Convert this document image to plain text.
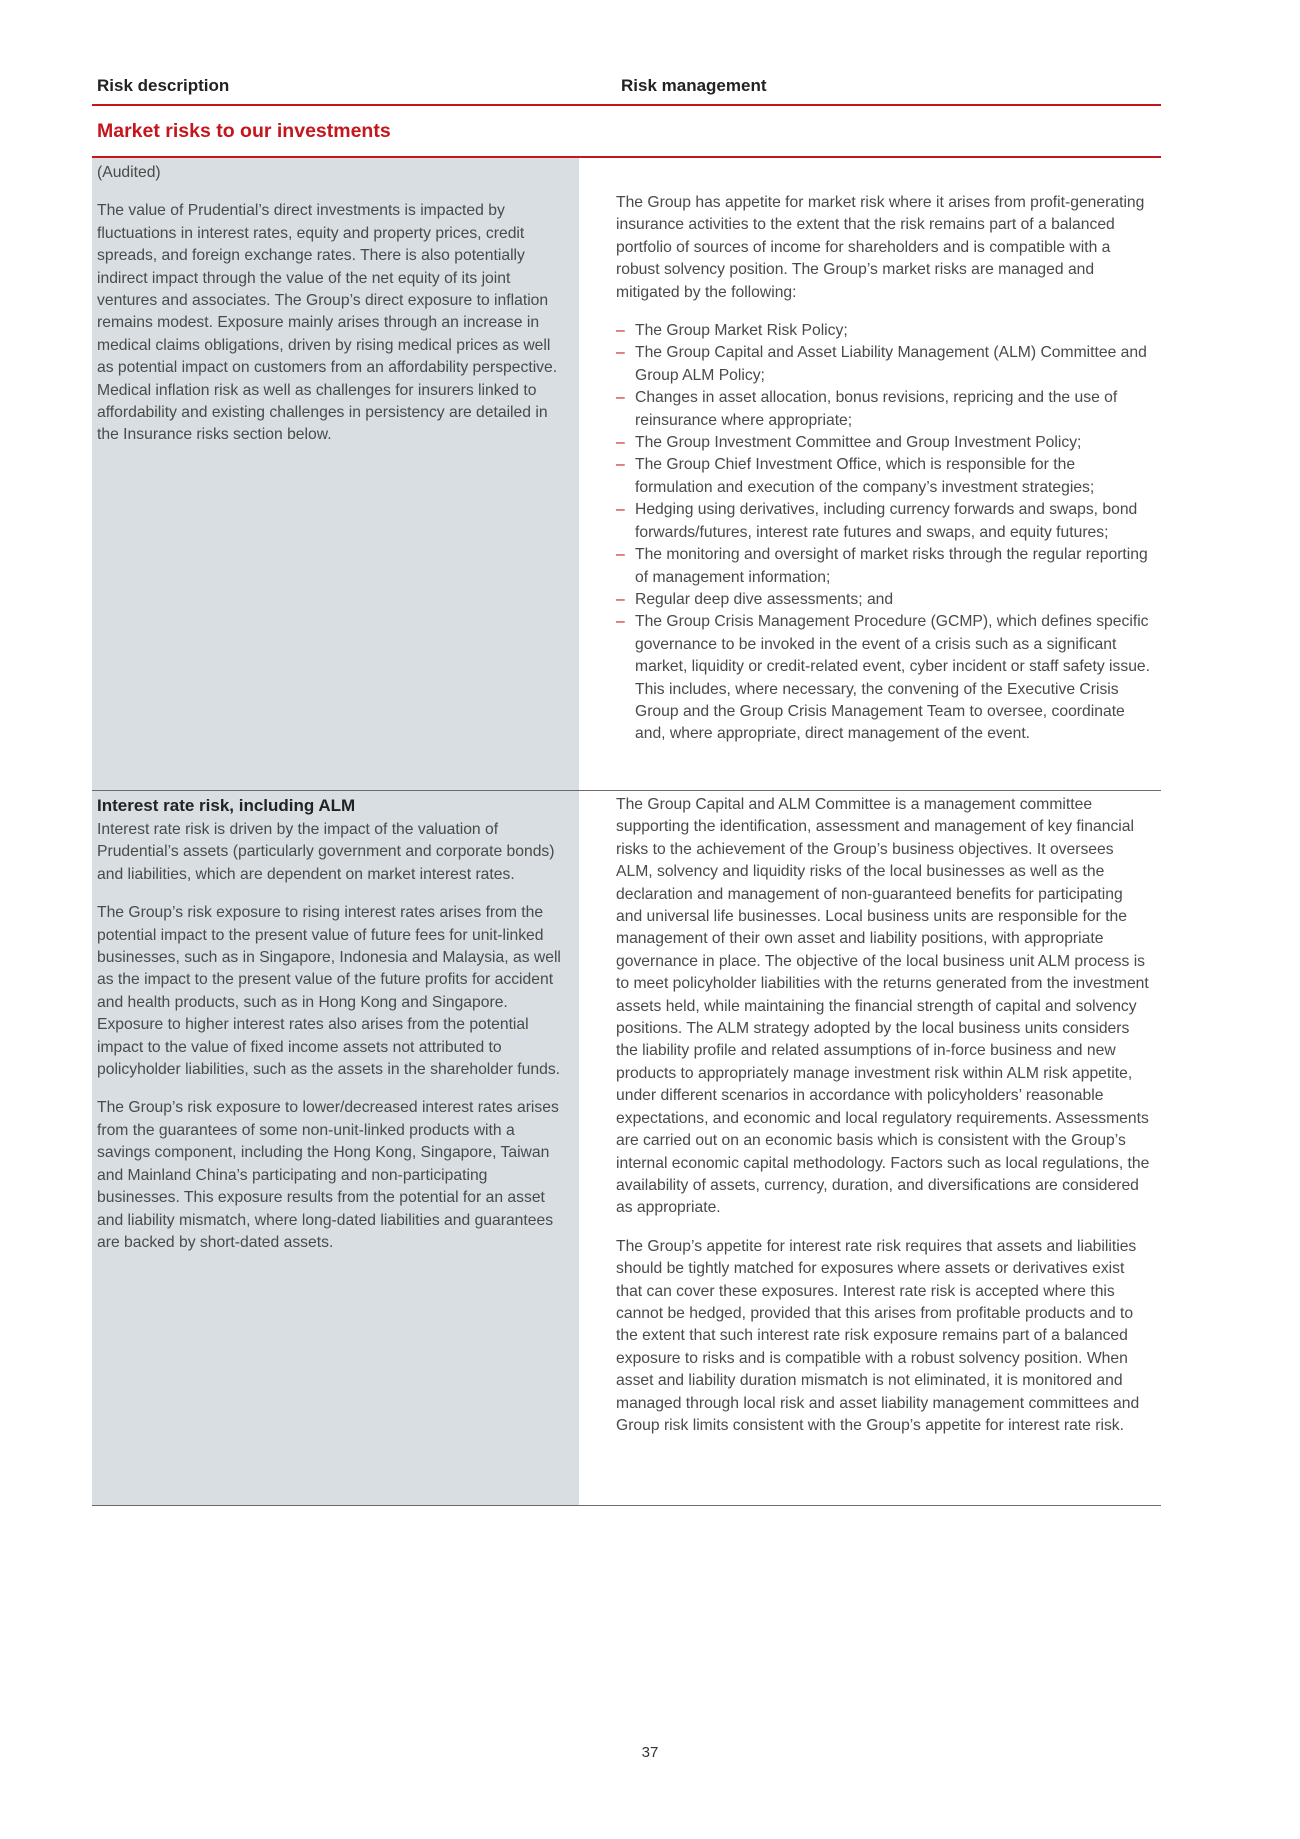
Risk description	Risk management
Market risks to our investments

(Audited)

The value of Prudential’s direct investments is impacted by fluctuations in interest rates, equity and property prices, credit spreads, and foreign exchange rates. There is also potentially indirect impact through the value of the net equity of its joint ventures and associates. The Group’s direct exposure to inflation remains modest. Exposure mainly arises through an increase in medical claims obligations, driven by rising medical prices as well as potential impact on customers from an affordability perspective. Medical inflation risk as well as challenges for insurers linked to affordability and existing challenges in persistency are detailed in the Insurance risks section below.

The Group has appetite for market risk where it arises from profit-generating insurance activities to the extent that the risk remains part of a balanced portfolio of sources of income for shareholders and is compatible with a robust solvency position. The Group’s market risks are managed and mitigated by the following:

– The Group Market Risk Policy;
– The Group Capital and Asset Liability Management (ALM) Committee and Group ALM Policy;
– Changes in asset allocation, bonus revisions, repricing and the use of reinsurance where appropriate;
– The Group Investment Committee and Group Investment Policy;
– The Group Chief Investment Office, which is responsible for the formulation and execution of the company’s investment strategies;
– Hedging using derivatives, including currency forwards and swaps, bond forwards/futures, interest rate futures and swaps, and equity futures;
– The monitoring and oversight of market risks through the regular reporting of management information;
– Regular deep dive assessments; and
– The Group Crisis Management Procedure (GCMP), which defines specific governance to be invoked in the event of a crisis such as a significant market, liquidity or credit-related event, cyber incident or staff safety issue. This includes, where necessary, the convening of the Executive Crisis Group and the Group Crisis Management Team to oversee, coordinate and, where appropriate, direct management of the event.
Interest rate risk, including ALM

Interest rate risk is driven by the impact of the valuation of Prudential’s assets (particularly government and corporate bonds) and liabilities, which are dependent on market interest rates.

The Group’s risk exposure to rising interest rates arises from the potential impact to the present value of future fees for unit-linked businesses, such as in Singapore, Indonesia and Malaysia, as well as the impact to the present value of the future profits for accident and health products, such as in Hong Kong and Singapore. Exposure to higher interest rates also arises from the potential impact to the value of fixed income assets not attributed to policyholder liabilities, such as the assets in the shareholder funds.

The Group’s risk exposure to lower/decreased interest rates arises from the guarantees of some non-unit-linked products with a savings component, including the Hong Kong, Singapore, Taiwan and Mainland China’s participating and non-participating businesses. This exposure results from the potential for an asset and liability mismatch, where long-dated liabilities and guarantees are backed by short-dated assets.

The Group Capital and ALM Committee is a management committee supporting the identification, assessment and management of key financial risks to the achievement of the Group’s business objectives. It oversees ALM, solvency and liquidity risks of the local businesses as well as the declaration and management of non-guaranteed benefits for participating and universal life businesses. Local business units are responsible for the management of their own asset and liability positions, with appropriate governance in place. The objective of the local business unit ALM process is to meet policyholder liabilities with the returns generated from the investment assets held, while maintaining the financial strength of capital and solvency positions. The ALM strategy adopted by the local business units considers the liability profile and related assumptions of in-force business and new products to appropriately manage investment risk within ALM risk appetite, under different scenarios in accordance with policyholders’ reasonable expectations, and economic and local regulatory requirements. Assessments are carried out on an economic basis which is consistent with the Group’s internal economic capital methodology. Factors such as local regulations, the availability of assets, currency, duration, and diversifications are considered as appropriate.

The Group’s appetite for interest rate risk requires that assets and liabilities should be tightly matched for exposures where assets or derivatives exist that can cover these exposures. Interest rate risk is accepted where this cannot be hedged, provided that this arises from profitable products and to the extent that such interest rate risk exposure remains part of a balanced exposure to risks and is compatible with a robust solvency position. When asset and liability duration mismatch is not eliminated, it is monitored and managed through local risk and asset liability management committees and Group risk limits consistent with the Group’s appetite for interest rate risk.

37
